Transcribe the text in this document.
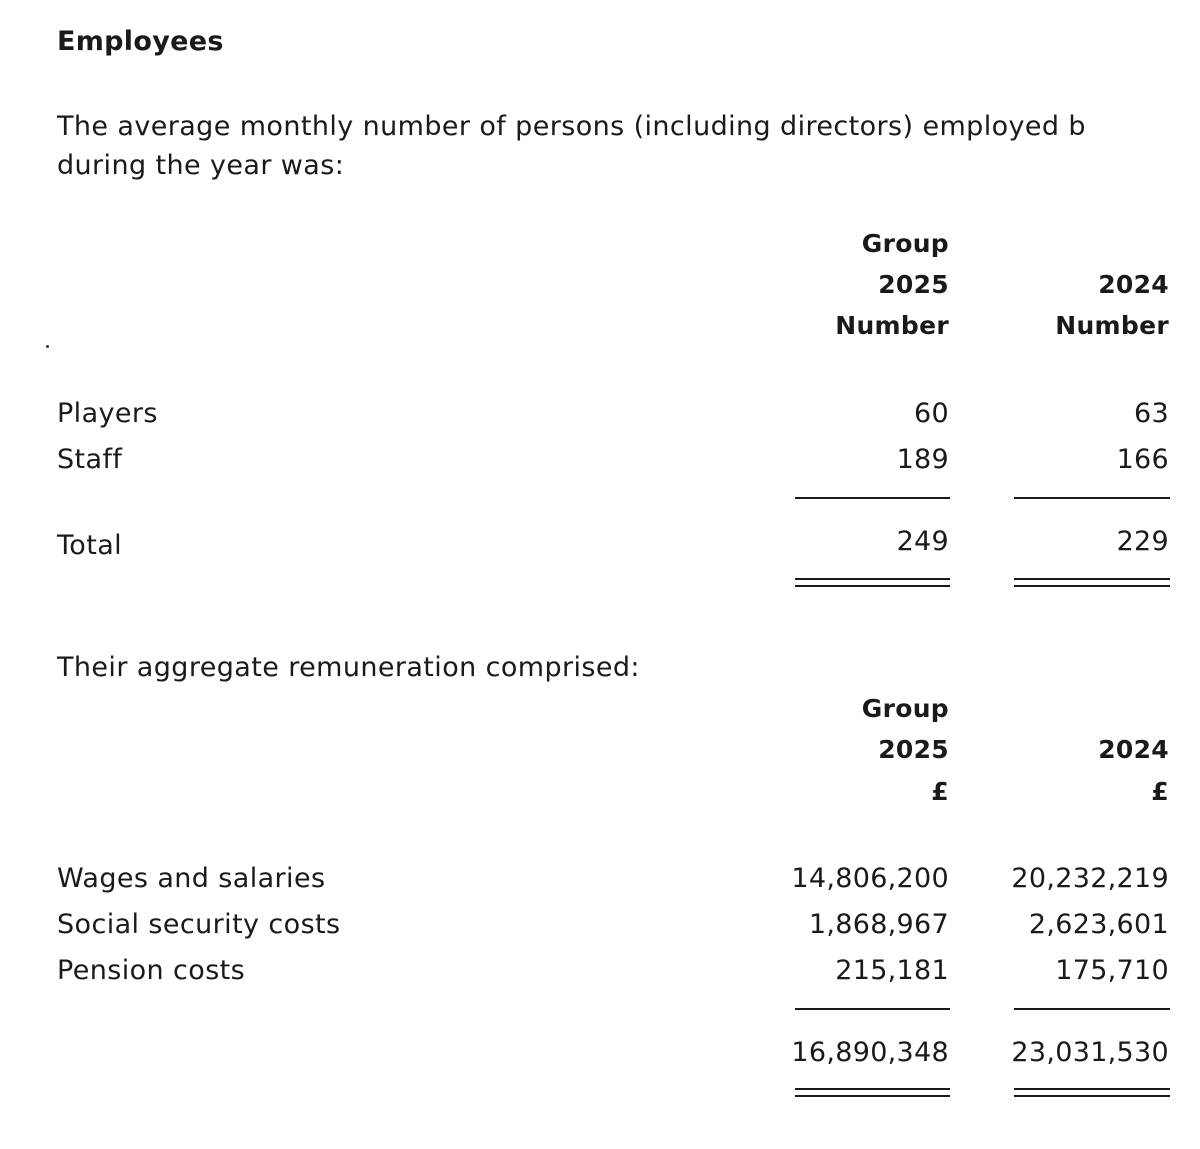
Employees
The average monthly number of persons (including directors) employed b
during the year was:
Group
2025	2024
Number	Number
Players	60	63
Staff	189	166
Total	249	229
Their aggregate remuneration comprised:
Group
2025	2024
£	£
Wages and salaries	14,806,200 20,232,219
Social security costs	1,868,967	2,623,601
Pension costs	215,181	175,710
16,890,348 23,031,530
